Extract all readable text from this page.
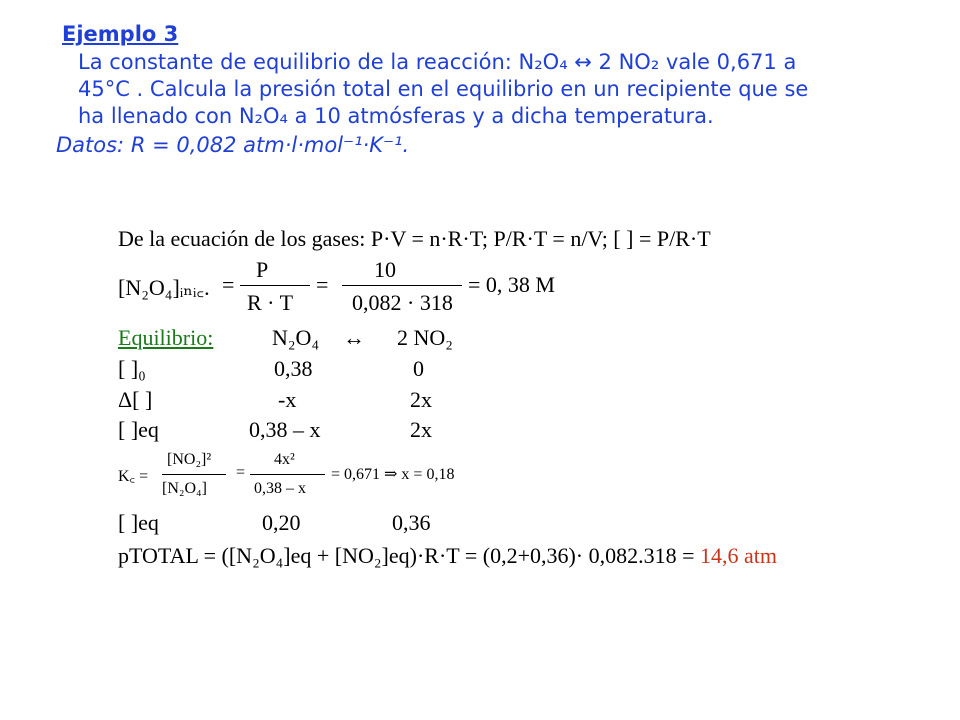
Ejemplo 3
La constante de equilibrio de la reacción: N₂O₄ ↔ 2 NO₂ vale 0,671 a
45°C . Calcula la presión total en el equilibrio en un recipiente que se
ha llenado con N₂O₄ a 10 atmósferas y a dicha temperatura.
Datos: R = 0,082 atm·l·mol⁻¹·K⁻¹.
De la ecuación de los gases: P·V = n·R·T; P/R·T = n/V; [ ] = P/R·T
[N₂O₄]ᵢₙᵢ꜀. =
P
R · T
=
10
0,082 · 318
= 0, 38 M
Equilibrio:	N₂O₄ ↔ 2 NO₂
[ ]₀	0,38	0
Δ[ ]	-x	2x
[ ]eq	0,38 – x	2x
K꜀ =
[NO₂]²
[N₂O₄]
=
4x²
0,38 – x
= 0,671 ⇒ x = 0,18
[ ]eq	0,20	0,36
pTOTAL = ([N₂O₄]eq + [NO₂]eq)·R·T = (0,2+0,36)· 0,082.318 = 14,6 atm
